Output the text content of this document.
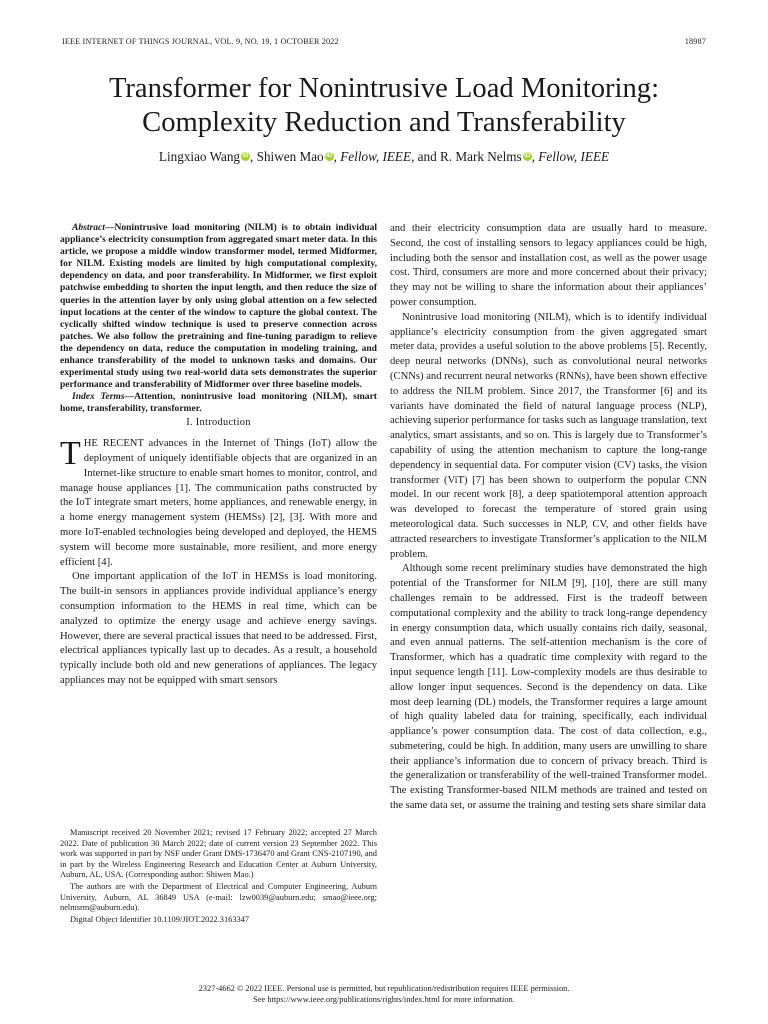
IEEE INTERNET OF THINGS JOURNAL, VOL. 9, NO. 19, 1 OCTOBER 2022	18987
Transformer for Nonintrusive Load Monitoring:
Complexity Reduction and Transferability
Lingxiao Wang iD , Shiwen Mao iD , Fellow, IEEE, and R. Mark Nelms iD , Fellow, IEEE

Abstract—Nonintrusive load monitoring (NILM) is to obtain individual appliance’s electricity consumption from aggregated smart meter data. In this article, we propose a middle window transformer model, termed Midformer, for NILM. Existing models are limited by high computational complexity, dependency on data, and poor transferability. In Midformer, we first exploit patchwise embedding to shorten the input length, and then reduce the size of queries in the attention layer by only using global attention on a few selected input locations at the center of the window to capture the global context. The cyclically shifted window technique is used to preserve connection across patches. We also follow the pretraining and fine-tuning paradigm to relieve the dependency on data, reduce the computation in modeling training, and enhance transferability of the model to unknown tasks and domains. Our experimental study using two real-world data sets demonstrates the superior performance and transferability of Midformer over three baseline models.

Index Terms—Attention, nonintrusive load monitoring (NILM), smart home, transferability, transformer.

I. Introduction

THE RECENT advances in the Internet of Things (IoT) allow the deployment of uniquely identifiable objects that are organized in an Internet-like structure to enable smart homes to monitor, control, and manage house appliances [1]. The communication paths constructed by the IoT integrate smart meters, home appliances, and renewable energy, in a home energy management system (HEMSs) [2], [3]. With more and more IoT-enabled technologies being developed and deployed, the HEMS system will become more sustainable, more resilient, and more energy efficient [4].

One important application of the IoT in HEMSs is load monitoring. The built-in sensors in appliances provide individual appliance’s energy consumption information to the HEMS in real time, which can be analyzed to optimize the energy usage and achieve energy savings. However, there are several practical issues that need to be addressed. First, electrical appliances typically last up to decades. As a result, a household typically include both old and new generations of appliances. The legacy appliances may not be equipped with smart sensors

Manuscript received 20 November 2021; revised 17 February 2022; accepted 27 March 2022. Date of publication 30 March 2022; date of current version 23 September 2022. This work was supported in part by NSF under Grant DMS-1736470 and Grant CNS-2107190, and in part by the Wireless Engineering Research and Education Center at Auburn University, Auburn, AL, USA. (Corresponding author: Shiwen Mao.)

The authors are with the Department of Electrical and Computer Engineering, Auburn University, Auburn, AL 36849 USA (e-mail: lzw0039@auburn.edu; smao@ieee.org; nelmsrm@auburn.edu).

Digital Object Identifier 10.1109/JIOT.2022.3163347

and their electricity consumption data are usually hard to measure. Second, the cost of installing sensors to legacy appliances could be high, including both the sensor and installation cost, as well as the power usage cost. Third, consumers are more and more concerned about their privacy; they may not be willing to share the information about their appliances’ power consumption.

Nonintrusive load monitoring (NILM), which is to identify individual appliance’s electricity consumption from the given aggregated smart meter data, provides a useful solution to the above problems [5]. Recently, deep neural networks (DNNs), such as convolutional neural networks (CNNs) and recurrent neural networks (RNNs), have been shown effective to address the NILM problem. Since 2017, the Transformer [6] and its variants have dominated the field of natural language process (NLP), achieving superior performance for tasks such as language translation, text analytics, smart assistants, and so on. This is largely due to Transformer’s capability of using the attention mechanism to capture the long-range dependency in sequential data. For computer vision (CV) tasks, the vision transformer (ViT) [7] has been shown to outperform the popular CNN model. In our recent work [8], a deep spatiotemporal attention approach was developed to forecast the temperature of stored grain using meteorological data. Such successes in NLP, CV, and other fields have attracted researchers to investigate Transformer’s application to the NILM problem.

Although some recent preliminary studies have demonstrated the high potential of the Transformer for NILM [9], [10], there are still many challenges remain to be addressed. First is the tradeoff between computational complexity and the ability to track long-range dependency in energy consumption data, which usually contains rich daily, seasonal, and even annual patterns. The self-attention mechanism is the core of Transformer, which has a quadratic time complexity with regard to the input sequence length [11]. Low-complexity models are thus desirable to allow longer input sequences. Second is the dependency on data. Like most deep learning (DL) models, the Transformer requires a large amount of high quality labeled data for training, specifically, each individual appliance’s power consumption data. The cost of data collection, e.g., submetering, could be high. In addition, many users are unwilling to share their appliance’s information due to concern of privacy breach. Third is the generalization or transferability of the well-trained Transformer model. The existing Transformer-based NILM methods are trained and tested on the same data set, or assume the training and testing sets share similar data

2327-4662 © 2022 IEEE. Personal use is permitted, but republication/redistribution requires IEEE permission.
See https://www.ieee.org/publications/rights/index.html for more information.
